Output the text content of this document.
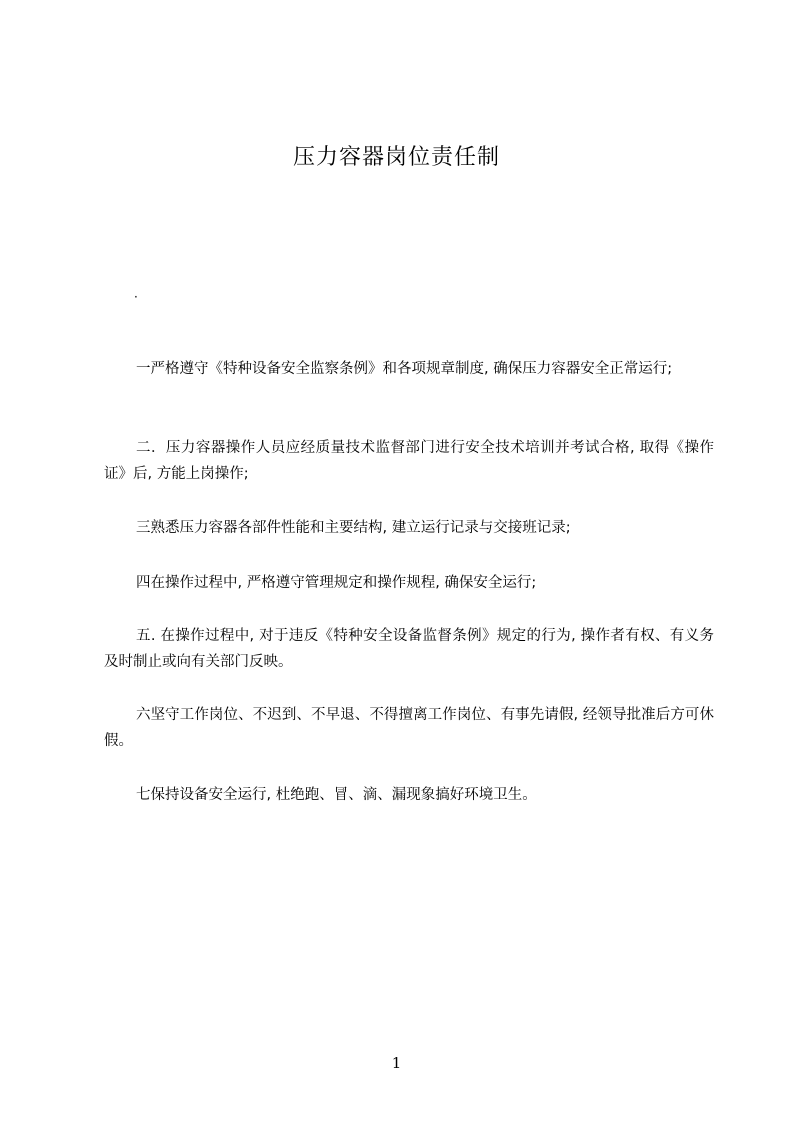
压力容器岗位责任制
·

一严格遵守《特种设备安全监察条例》和各项规章制度, 确保压力容器安全正常运行;

二．压力容器操作人员应经质量技术监督部门进行安全技术培训并考试合格, 取得《操作证》后, 方能上岗操作;

三熟悉压力容器各部件性能和主要结构, 建立运行记录与交接班记录;

四在操作过程中, 严格遵守管理规定和操作规程, 确保安全运行;

五. 在操作过程中, 对于违反《特种安全设备监督条例》规定的行为, 操作者有权、有义务及时制止或向有关部门反映。

六坚守工作岗位、不迟到、不早退、不得擅离工作岗位、有事先请假, 经领导批准后方可休假。

七保持设备安全运行, 杜绝跑、冒、滴、漏现象搞好环境卫生。

1
